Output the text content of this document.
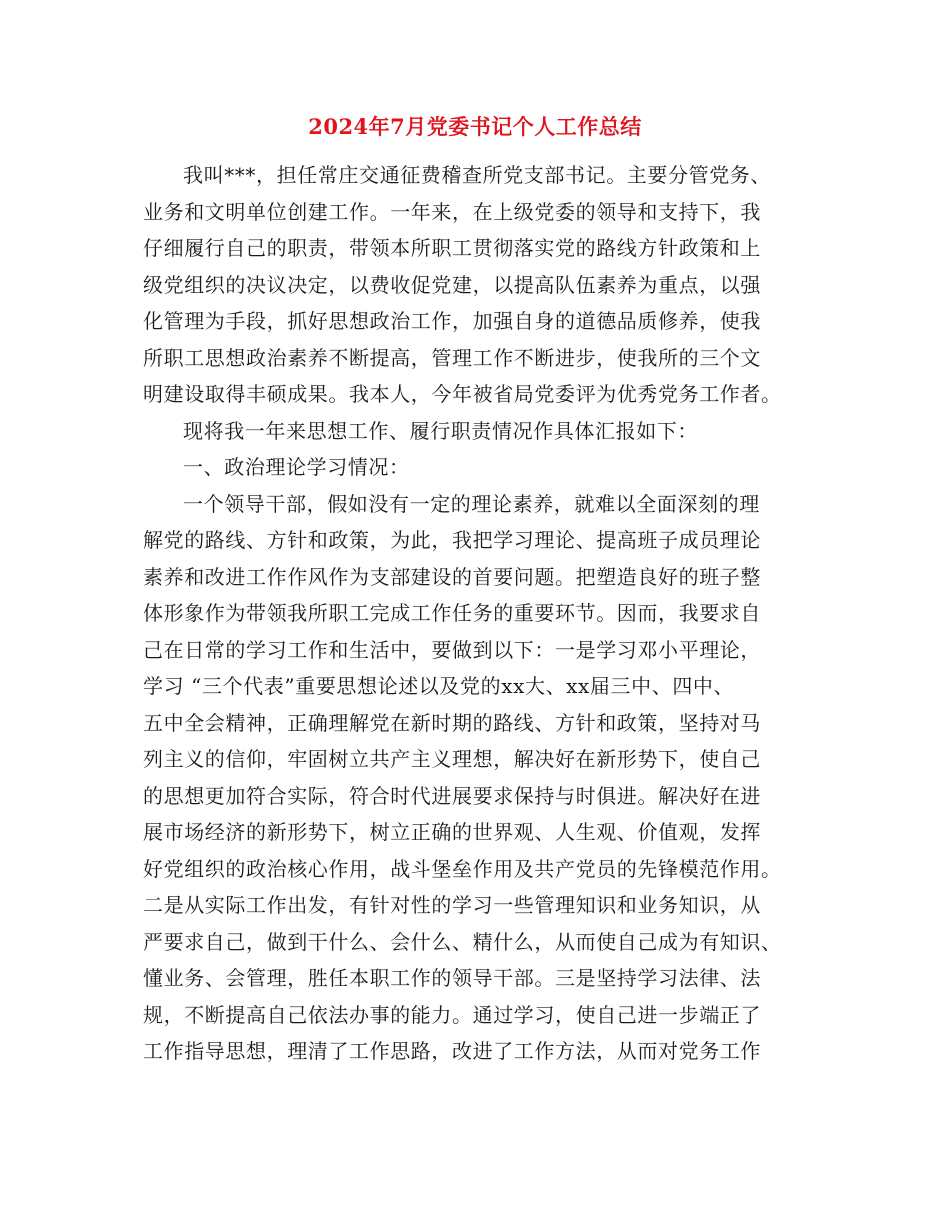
2024年7月党委书记个人工作总结
我叫***，担任常庄交通征费稽查所党支部书记。主要分管党务、
业务和文明单位创建工作。一年来，在上级党委的领导和支持下，我
仔细履行自己的职责，带领本所职工贯彻落实党的路线方针政策和上
级党组织的决议决定，以费收促党建，以提高队伍素养为重点，以强
化管理为手段，抓好思想政治工作，加强自身的道德品质修养，使我
所职工思想政治素养不断提高，管理工作不断进步，使我所的三个文
明建设取得丰硕成果。我本人，今年被省局党委评为优秀党务工作者。
现将我一年来思想工作、履行职责情况作具体汇报如下：
一、政治理论学习情况：
一个领导干部，假如没有一定的理论素养，就难以全面深刻的理
解党的路线、方针和政策，为此，我把学习理论、提高班子成员理论
素养和改进工作作风作为支部建设的首要问题。把塑造良好的班子整
体形象作为带领我所职工完成工作任务的重要环节。因而，我要求自
己在日常的学习工作和生活中，要做到以下：一是学习邓小平理论，
学习 “三个代表”重要思想论述以及党的xx大、xx届三中、四中、
五中全会精神，正确理解党在新时期的路线、方针和政策，坚持对马
列主义的信仰，牢固树立共产主义理想，解决好在新形势下，使自己
的思想更加符合实际，符合时代进展要求保持与时俱进。解决好在进
展市场经济的新形势下，树立正确的世界观、人生观、价值观，发挥
好党组织的政治核心作用，战斗堡垒作用及共产党员的先锋模范作用。
二是从实际工作出发，有针对性的学习一些管理知识和业务知识，从
严要求自己，做到干什么、会什么、精什么，从而使自己成为有知识、
懂业务、会管理，胜任本职工作的领导干部。三是坚持学习法律、法
规，不断提高自己依法办事的能力。通过学习，使自己进一步端正了
工作指导思想，理清了工作思路，改进了工作方法，从而对党务工作
